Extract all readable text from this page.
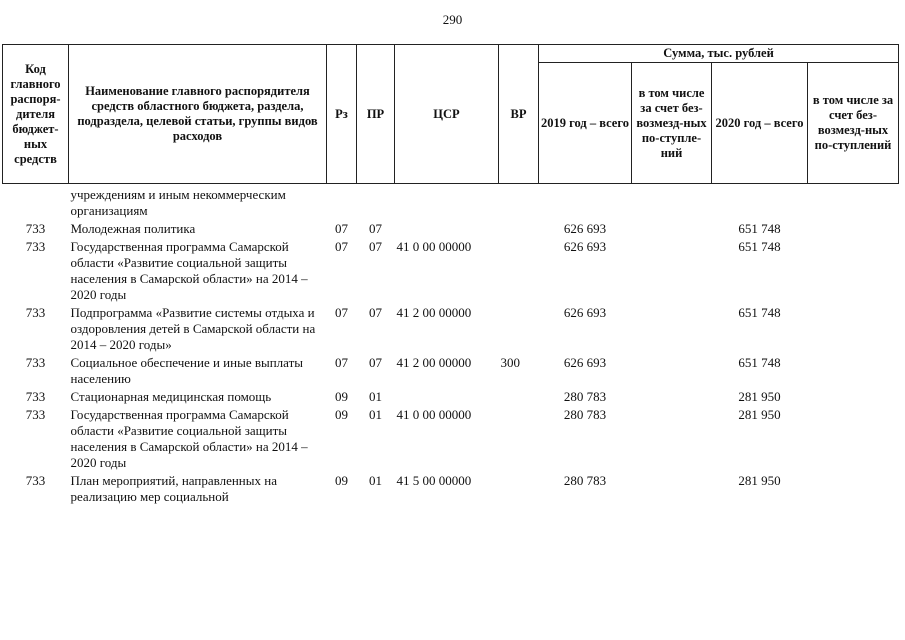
290
Код главного распоря-дителя бюджет-ных средств	Наименование главного распорядителя средств областного бюджета, раздела, подраздела, целевой статьи, группы видов расходов	Рз	ПР	ЦСР	ВР	Сумма, тыс. рублей			
						2019 год – всего	в том числе за счет без-возмезд-ных по-ступле-ний	2020 год – всего	в том числе за счет без-возмезд-ных по-ступлений
	учреждениям и иным некоммерческим организациям								
733	Молодежная политика	07	07			626 693		651 748	
733	Государственная программа Самарской области «Развитие социальной защиты населения в Самарской области» на 2014 – 2020 годы	07	07	41 0 00 00000		626 693		651 748	
733	Подпрограмма «Развитие системы отдыха и оздоровления детей в Самарской области на 2014 – 2020 годы»	07	07	41 2 00 00000		626 693		651 748	
733	Социальное обеспечение и иные выплаты населению	07	07	41 2 00 00000	300	626 693		651 748	
733	Стационарная медицинская помощь	09	01			280 783		281 950	
733	Государственная программа Самарской области «Развитие социальной защиты населения в Самарской области» на 2014 – 2020 годы	09	01	41 0 00 00000		280 783		281 950	
733	План мероприятий, направленных на реализацию мер социальной	09	01	41 5 00 00000		280 783		281 950	
